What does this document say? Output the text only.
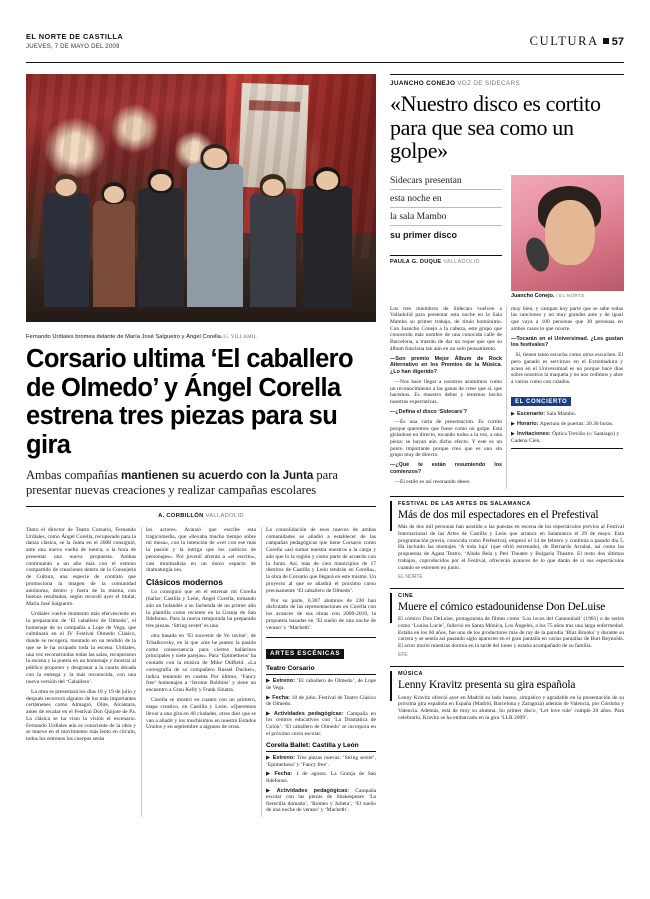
EL NORTE DE CASTILLA
JUEVES, 7 DE MAYO DEL 2009	CULTURA 57
Fernando Urdiales bromea delante de María José Salgueiro y Ángel Corella./G. VILLAMIL
Corsario ultima ‘El caballero de Olmedo’ y Ángel Corella estrena tres piezas para su gira
Ambas compañías mantienen su acuerdo con la Junta para presentar nuevas creaciones y realizar campañas escolares
A. CORBILLÓN VALLADOLID

Tanto el director de Teatro Corsario, Fernando Urdiales, como Ángel Corella, recuperado para la danza clásica, se la Junta en el 2008 consiguió, ante una nueva vuelta de tuerca, a la hora de presentar una nueva propuesta. Ambas continuarán a un año más con el estreno compartido de creaciones dentro de la Consejería de Cultura, una especie de contrato que promociona la imagen de la comunidad autónoma, dentro y fuera de la misma, con buenos resultados, según recordó ayer el titular, María José Salgueiro.

Urdiales vuelve momento más efervescente en la preparación de ‘El caballero de Olmedo’, el homenaje de su compañía a Lope de Vega, que culminará en el IV Festival Olmedo Clásico, donde se recogerá, montado en un tendido de la que se le ha ocupado toda la escena. Urdiales, una vez reconstruidas todas las salas, recuperaron la escena y la puesta en un homenaje y mostrar al público proponer y desgranar a la cuarta década con la entrega y la más reconocida, con una nueva versión del ‘Caballero’.

La obra se presentará los días 18 y 19 de julio y después recorrerá algunos de los más importantes certámenes como Almagro, Olite, Alcántara, antes de recalar en el Festival Don Quijote de Pa. La clásica se ha visto la visión el escenario. Fernando Urdiales aún es consciente de la obra y se mueve en el movimiento más lento en círculo, todos los estrenos los cuerpos serán

los actores. Avanzó que escribe esta tragicomedia, que «llevaba mucho tiempo sobre mi mesa», con la intención de «ver con ese más la pasión y la intriga que los caóticos de personajes». Por juvenil afrenta a «el escrito», casi minimalista en un único espacio de dramaturgia oro.

Clásicos modernos

Lo consiguió que en el estrenar ml Corella (bailar; Castilla y León, Ángel Corella, tomando aún un holandés a su fachenda de un primer año la plantilla como reciente en la Granja de San Ildefonso. Para la nueva temporada ha preparado tres piezas. ‘String sextet’ es una

otra basada en ‘El souvenir de Vo raviné’, de Tchaikovsky, en la que «me he puesto la pasión como consecuencia para ciertos bailarines principales y siete parejas». Para ‘Epimetheus’ ha contado con la música de Mike Oldfield. «La coreografía de su compañero Russel Ducker», indica teniendo en cuenta Por último, ‘Fancy free’ homenajea a ‘Jerome Robbins’ y tiene un encuentro a Grau Kelly y Frank Sinatra.

Corella se mostró en cuanto con un primero, etapa creativo, en Castilla y León. «Queremos llevar a una gira en 40 ciudades, otras diez que se van a añadir y los muchísimos en nuestro Estados Unidos y en septiembre a algunos de otras.

La consolidación de esos nuevos de ambas comunidades se añadió a establecer de las campañas pedagógicas que tiene Corsario como Corella «así sumar nuestra nuestros a la carga y aún que lo la región y como parte de acuerdo con la Junta. Así, más de cien municipios de 17 distritos de Castilla y León tendrán en Corella», la obra de Corsario que llegará en este mismo. Un proyecto al que se añadirá el próximo curso precisamente ‘El caballero de Olmedo’.

Por su parte, 6.307 alumnos de 230 han disfrutado de las representaciones en Corella con los avances de sus obras con 2009-2010, la propuesta basadas en ‘El sueño de una noche de verano’ y ‘Macbeth’.

ARTES ESCÉNICAS
Teatro Corsario
▶ Estreno: ‘El caballero de Olmedo’, de Lope de Vega.
▶ Fecha: 18 de julio. Festival de Teatro Clásico de Olmedo.
▶ Actividades pedagógicas: Campaña en los centros educativos con ‘La Dramática de Colón’. ‘El caballero de Olmedo’ se incorpora en el próximo curso escolar.
Corella Ballet: Castilla y León
▶ Estreno: Tres piezas nuevas: ‘String sextet’, ‘Epimetheus’ y ‘Fancy free’.
▶ Fecha: 1 de agosto. La Granja de San Ildefonso.
▶ Actividades pedagógicas: Campaña escolar con las piezas de Shakespeare ‘La fierecilla domada’, ‘Romeo y Julieta’, ‘El sueño de una noche de verano’ y ‘Macbeth’.
JUANCHO CONEJO VOZ DE SIDECARS
«Nuestro disco es cortito para que sea como un golpe»
Sidecars presentan
esta noche en
la sala Mambo
su primer disco
PAULA G. DUQUE VALLADOLID
Juancho Conejo. / EL NORTE

Los tres miembros de Sidecars vuelven a Valladolid para presentar esta noche en la Sala Mambo su primer trabajo, de título homónimo. Con Juancho Conejo a la cabeza, este grupo que conocerán más nombre de una conocida calle de Barcelona, a traerán de dar un toque que que su álbum funciona tan aún en un solo pensamiento.

—Son premio Mejor Álbum de Rock Alternativo en los Premios de la Música. ¿Lo han digerido?

—Nos hace llegar a nosotros asumimos como un reconocimiento a las ganas de creer que sí, que hacemos. Es muestro debut y tenemos hecho nuestras expectativas.

—¿Defina el disco ‘Sidecars’?

—Es una carta de presentación. Es cortito porque queremos que fuese como un golpe. Está girándose en directo, tocando todos a la vez, a una pieza: se hayan aún dicho efecto. Y este es un punto importante porque creo que es uno sin grupo muy de directo.

—¿Qué te están resumiendo los comienzos?

—El estilo es así resonando deseo

muy bien, y campan hoy parte que se sabe todas las canciones y no muy grandes ante y de igual que vaya a 100 personas que 30 personas en ambos casos lo que ocurre.

—Tocarán en el Universimad. ¿Les gustan los festivales?

Sí, tienen tanto escucha como otros escuchen. El pero ganado es servirnos en el Extremadura y acaso en el Universimad es no porque hace días sobre nosotros la maqueta y no nos cedimos y abre a varios como con calados.

EL CONCIERTO
▶ Escenario: Sala Mambo.
▶ Horario: Apertura de puertas: 20.30 horas.
▶ Invitaciones: Óptica Treviño (c/ Santiago) y Cadena Cien.
FESTIVAL DE LAS ARTES DE SALAMANCA
Más de dos mil espectadores en el Prefestival

Más de dos mil personas han asistido a las puestas en escena de los espectáculos previos al Festival Internacional de las Artes de Castilla y León que arranca en Salamanca el 29 de mayo. Esta programación previa, conocida como Prefestival, empezó el 14 de febrero y continúa a pasado día 5. Ha incluido las montajes ‘A toda luja’ (que ofrió estrenado), de Bernardo Arrabal, así como las propuestas de Agata Teatro, ‘Aluda Bela y Peri Theatre y Bulgaria Theatre. El resto dos últimos trabajos, coproducidos por el Festival, ofrecerán avances de lo que darán de sí sus espectáculos cuando se estrenen en junio.

EL NORTE

CINE
Muere el cómico estadounidense Don DeLuise

El cómico Don DeLuise, protagonista de filmes como ‘Los locos del Cannonball’ (1981) o de series como ‘Louisa Lucie’, falleció en Santa Mónica, Los Ángeles, a los 75 años tras una larga enfermedad. Estaba en los 60 años, fue uno de los productores más de ray de la parodia ‘Blaz Brooks’ y durante su carrera y se sentía así pasando siglo aparecen en el gran pantalla en varias pantallas de Burt Reynolds. El actor murió mientras dormía en la tarde del lunes y estaba acompañado de su familia.

EFE

MÚSICA
Lenny Kravitz presenta su gira española

Lenny Kravitz ofreció ayer en Madrid su lado bueno, simpático y agradable en la presentación de su próxima gira española en España (Madrid, Barcelona y Zaragoza) además de Valencia, por Córdoba y Valencia. Además, está de muy su alumna. Su primer disco, ‘Let love rule’ cumple 20 años. Para celebrarlo, Kravitz se ha embarcado en la gira ‘LLR 2009’.
